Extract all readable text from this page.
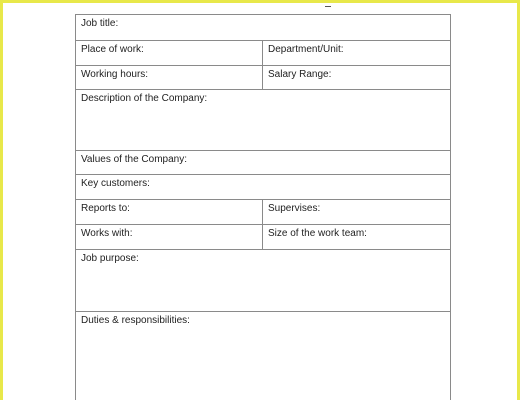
Job title:	
Place of work:	Department/Unit:
Working hours:	Salary Range:
Description of the Company:	
Values of the Company:	
Key customers:	
Reports to:	Supervises:
Works with:	Size of the work team:
Job purpose:	
Duties & responsibilities:	
